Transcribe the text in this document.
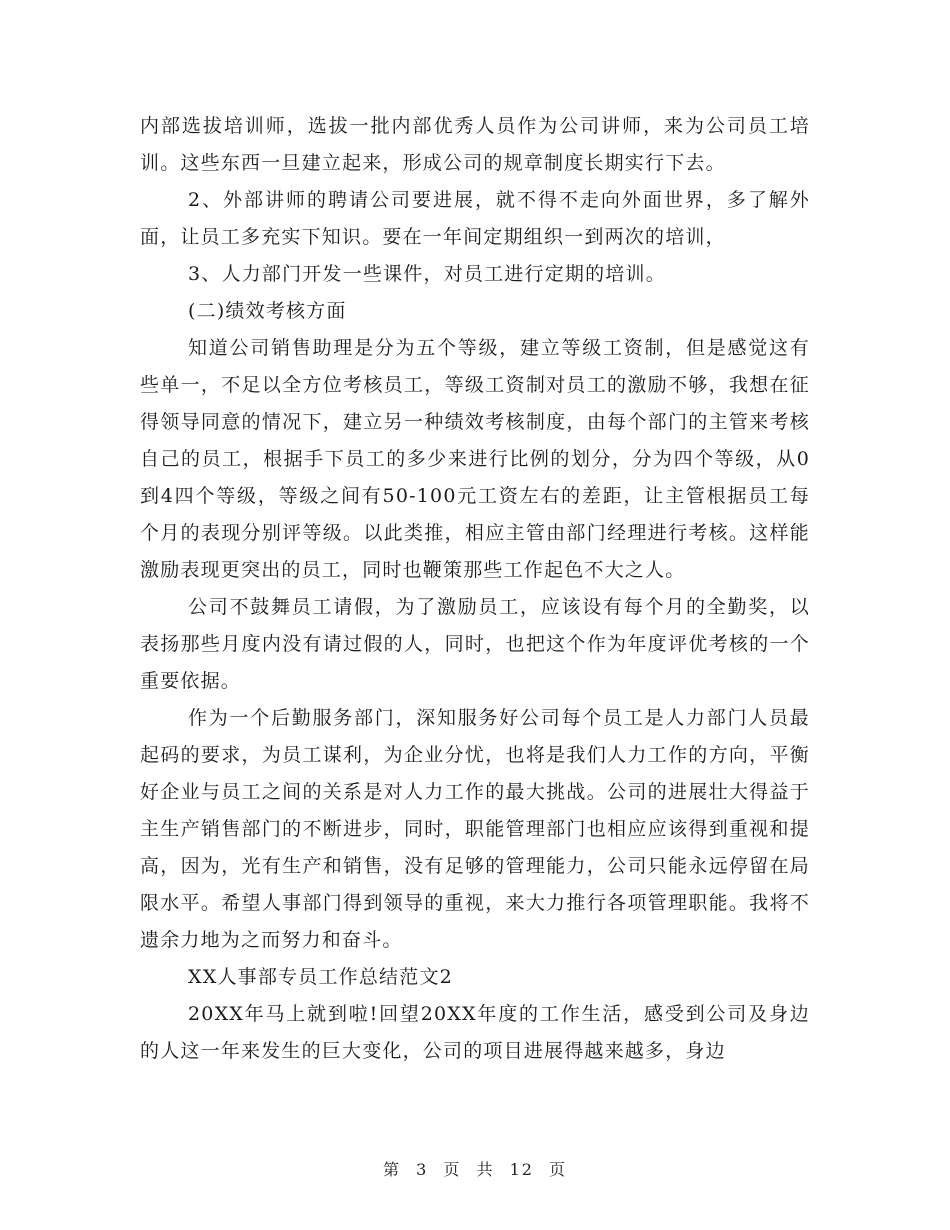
内部选拔培训师，选拔一批内部优秀人员作为公司讲师，来为公司员工培训。这些东西一旦建立起来，形成公司的规章制度长期实行下去。

2、外部讲师的聘请公司要进展，就不得不走向外面世界，多了解外面，让员工多充实下知识。要在一年间定期组织一到两次的培训，

3、人力部门开发一些课件，对员工进行定期的培训。

(二)绩效考核方面

知道公司销售助理是分为五个等级，建立等级工资制，但是感觉这有些单一，不足以全方位考核员工，等级工资制对员工的激励不够，我想在征得领导同意的情况下，建立另一种绩效考核制度，由每个部门的主管来考核自己的员工，根据手下员工的多少来进行比例的划分，分为四个等级，从0到4四个等级，等级之间有50-100元工资左右的差距，让主管根据员工每个月的表现分别评等级。以此类推，相应主管由部门经理进行考核。这样能激励表现更突出的员工，同时也鞭策那些工作起色不大之人。

公司不鼓舞员工请假，为了激励员工，应该设有每个月的全勤奖，以表扬那些月度内没有请过假的人，同时，也把这个作为年度评优考核的一个重要依据。

作为一个后勤服务部门，深知服务好公司每个员工是人力部门人员最起码的要求，为员工谋利，为企业分忧，也将是我们人力工作的方向，平衡好企业与员工之间的关系是对人力工作的最大挑战。公司的进展壮大得益于主生产销售部门的不断进步，同时，职能管理部门也相应应该得到重视和提高，因为，光有生产和销售，没有足够的管理能力，公司只能永远停留在局限水平。希望人事部门得到领导的重视，来大力推行各项管理职能。我将不遗余力地为之而努力和奋斗。

XX人事部专员工作总结范文2

20XX年马上就到啦!回望20XX年度的工作生活，感受到公司及身边的人这一年来发生的巨大变化，公司的项目进展得越来越多，身边

第 3 页 共 12 页
